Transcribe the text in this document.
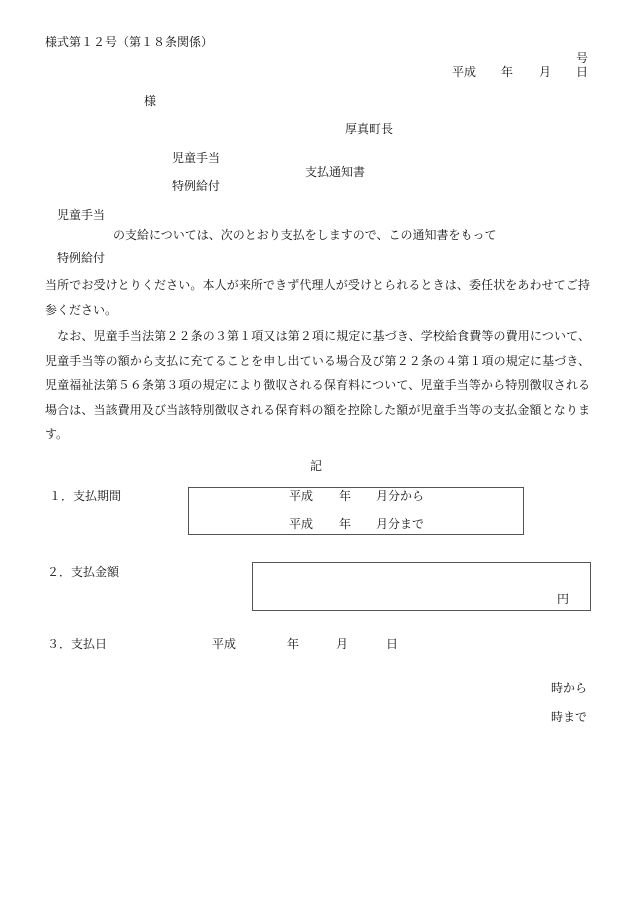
様式第１２号（第１８条関係）
号
平成 年 月 日
様
厚真町長
児童手当
支払通知書
特例給付
児童手当
の支給については、次のとおり支払をしますので、この通知書をもって
特例給付
当所でお受けとりください。本人が来所できず代理人が受けとられるときは、委任状をあわせてご持参ください。
　なお、児童手当法第２２条の３第１項又は第２項に規定に基づき、学校給食費等の費用について、児童手当等の額から支払に充てることを申し出ている場合及び第２２条の４第１項の規定に基づき、児童福祉法第５６条第３項の規定により徴収される保育料について、児童手当等から特別徴収される場合は、当該費用及び当該特別徴収される保育料の額を控除した額が児童手当等の支払金額となります。
記
１．支払期間	平成 年 月分から
平成 年 月分まで
２．支払金額
円
３．支払日	平成	年	月	日
時から
時まで
